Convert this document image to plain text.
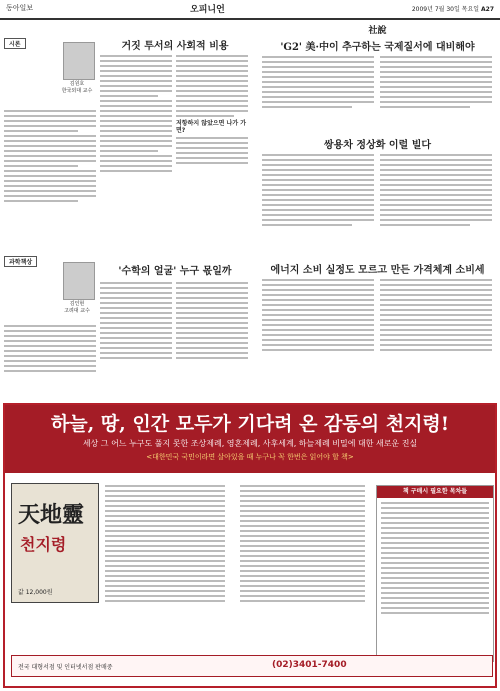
동아일보	오피니언	2009년 7월 30일 목요일 A27
시론
김원호
한국외대 교수
거짓 투서의 사회적 비용
저항하지 않았으면 나가 가면?
과학책상
김인현
고려대 교수
'수학의 얼굴' 누구 몫일까
社說
'G2' 美·中이 추구하는 국제질서에 대비해야
쌍용차 정상화 이럴 빌다
에너지 소비 실정도 모르고 만든 가격체계 소비세
하늘, 땅, 인간 모두가 기다려 온 감동의 천지령!
세상 그 어느 누구도 풀지 못한 조상제례, 영혼제례, 사후세계, 하늘제례 비밀에 대한 새로운 진실
<대한민국 국민이라면 살아있을 때 누구나 꼭 한번은 읽어야 할 책>
天地靈
천지령
값 12,000원
책 구매시 필요한 목차들
전국 대형서점 및 인터넷서점 판매중	(02)3401-7400
